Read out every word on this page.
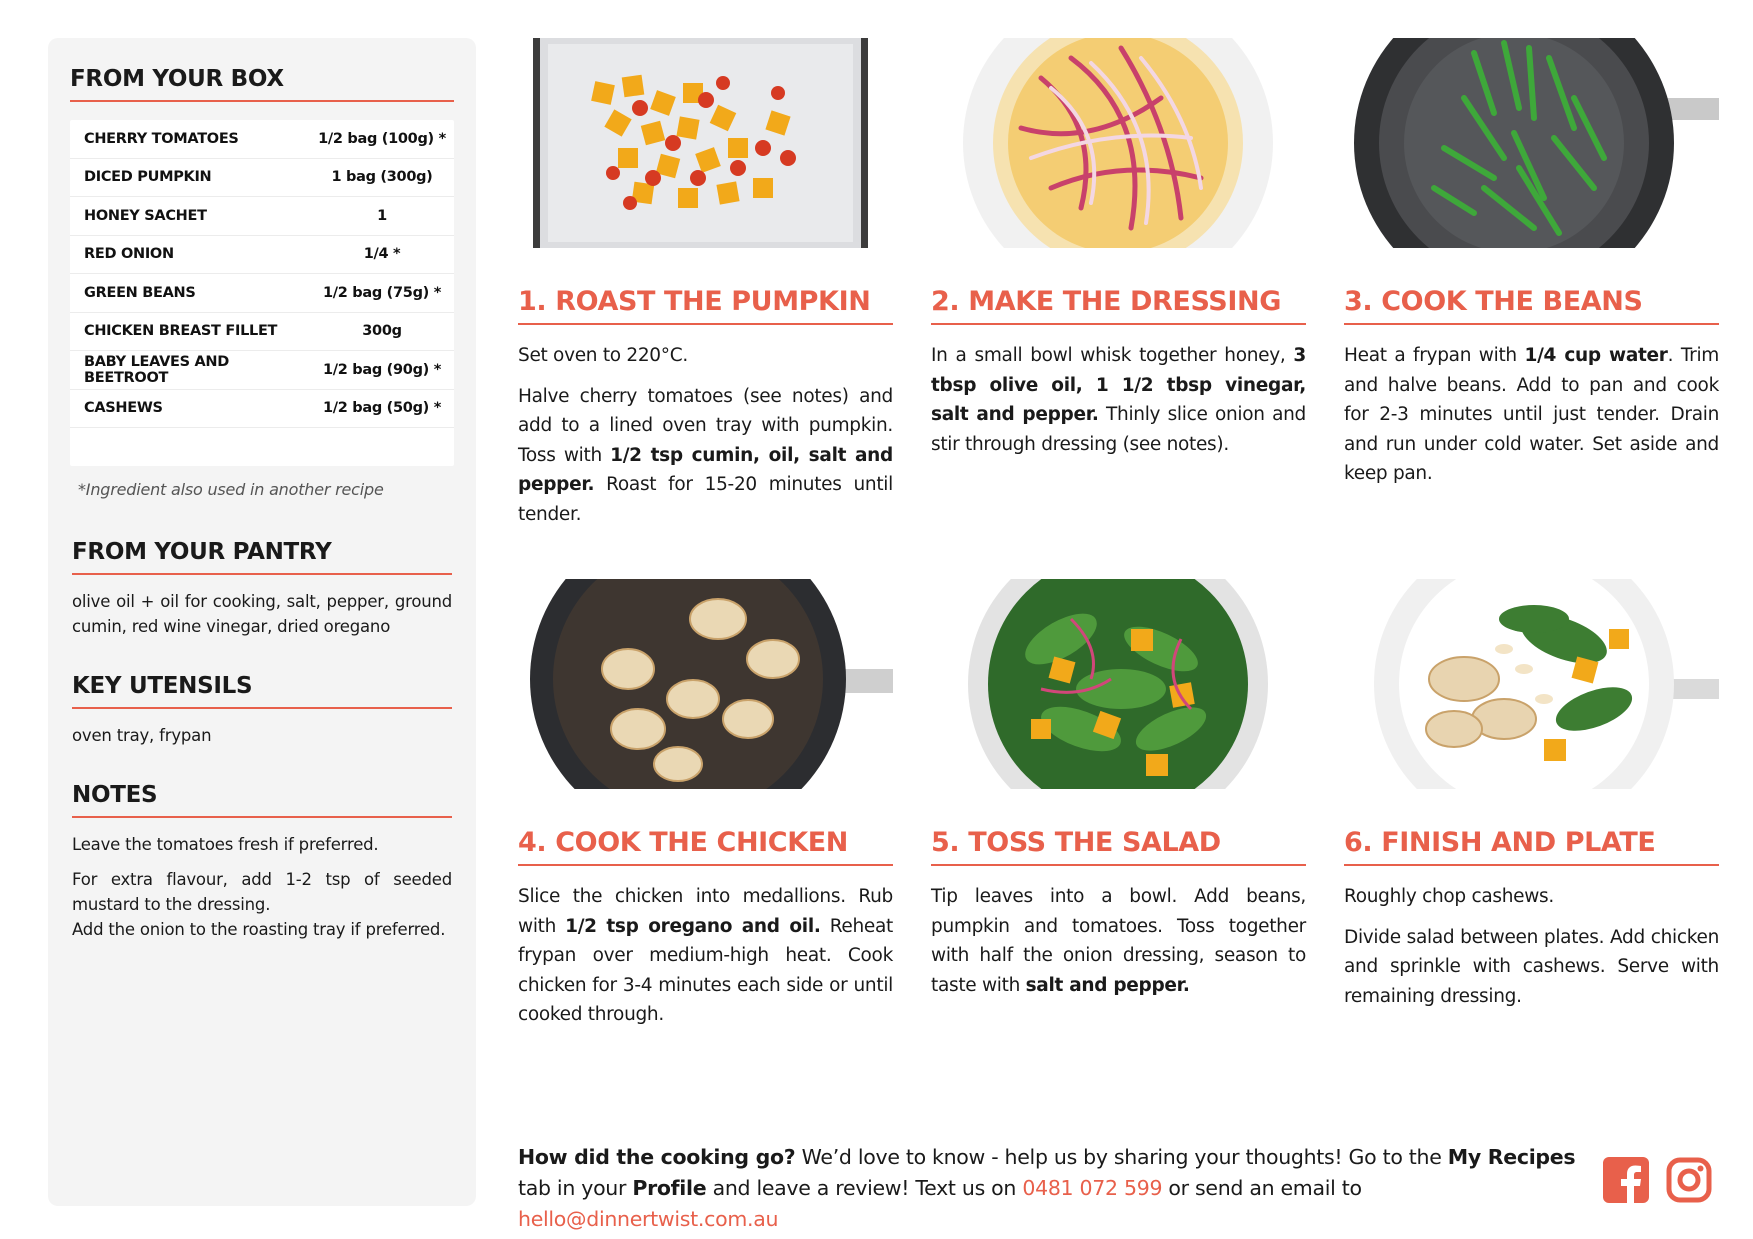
FROM YOUR BOX
CHERRY TOMATOES	1/2 bag (100g) *
DICED PUMPKIN	1 bag (300g)
HONEY SACHET	1
RED ONION	1/4 *
GREEN BEANS	1/2 bag (75g) *
CHICKEN BREAST FILLET	300g
BABY LEAVES AND BEETROOT	1/2 bag (90g) *
CASHEWS	1/2 bag (50g) *
*Ingredient also used in another recipe
FROM YOUR PANTRY
olive oil + oil for cooking, salt, pepper, ground cumin, red wine vinegar, dried oregano
KEY UTENSILS
oven tray, frypan
NOTES
Leave the tomatoes fresh if preferred.
For extra flavour, add 1-2 tsp of seeded mustard to the dressing.
Add the onion to the roasting tray if preferred.
1. ROAST THE PUMPKIN

Set oven to 220°C.

Halve cherry tomatoes (see notes) and add to a lined oven tray with pumpkin. Toss with 1/2 tsp cumin, oil, salt and pepper. Roast for 15-20 minutes until tender.

2. MAKE THE DRESSING

In a small bowl whisk together honey, 3 tbsp olive oil, 1 1/2 tbsp vinegar, salt and pepper. Thinly slice onion and stir through dressing (see notes).

3. COOK THE BEANS

Heat a frypan with 1/4 cup water. Trim and halve beans. Add to pan and cook for 2-3 minutes until just tender. Drain and run under cold water. Set aside and keep pan.

4. COOK THE CHICKEN

Slice the chicken into medallions. Rub with 1/2 tsp oregano and oil. Reheat frypan over medium-high heat. Cook chicken for 3-4 minutes each side or until cooked through.

5. TOSS THE SALAD

Tip leaves into a bowl. Add beans, pumpkin and tomatoes. Toss together with half the onion dressing, season to taste with salt and pepper.

6. FINISH AND PLATE

Roughly chop cashews.

Divide salad between plates. Add chicken and sprinkle with cashews. Serve with remaining dressing.

How did the cooking go? We’d love to know - help us by sharing your thoughts! Go to the My Recipes tab in your Profile and leave a review! Text us on 0481 072 599 or send an email to hello@dinnertwist.com.au
